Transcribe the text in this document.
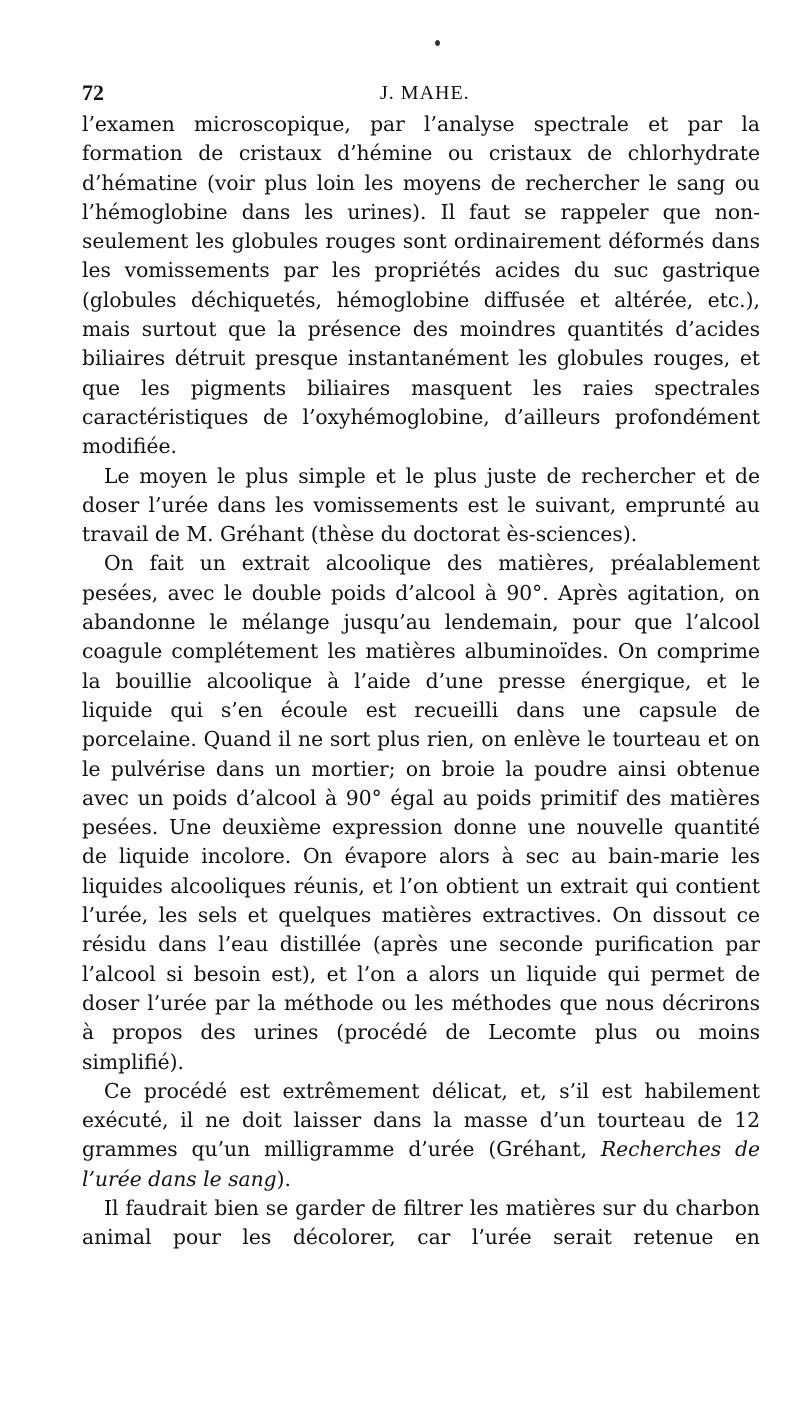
72	J. MAHE.

l’examen microscopique, par l’analyse spectrale et par la formation de cristaux d’hémine ou cristaux de chlorhydrate d’hématine (voir plus loin les moyens de rechercher le sang ou l’hémoglobine dans les urines). Il faut se rappeler que non-seulement les globules rouges sont ordinairement déformés dans les vomissements par les propriétés acides du suc gastrique (globules déchiquetés, hémoglobine diffusée et altérée, etc.), mais surtout que la présence des moindres quantités d’acides biliaires détruit presque instantanément les globules rouges, et que les pigments biliaires masquent les raies spectrales caractéristiques de l’oxyhémoglobine, d’ailleurs profondément modifiée.

Le moyen le plus simple et le plus juste de rechercher et de doser l’urée dans les vomissements est le suivant, emprunté au travail de M. Gréhant (thèse du doctorat ès-sciences).

On fait un extrait alcoolique des matières, préalablement pesées, avec le double poids d’alcool à 90°. Après agitation, on abandonne le mélange jusqu’au lendemain, pour que l’alcool coagule complétement les matières albuminoïdes. On comprime la bouillie alcoolique à l’aide d’une presse énergique, et le liquide qui s’en écoule est recueilli dans une capsule de porcelaine. Quand il ne sort plus rien, on enlève le tourteau et on le pulvérise dans un mortier; on broie la poudre ainsi obtenue avec un poids d’alcool à 90° égal au poids primitif des matières pesées. Une deuxième expression donne une nouvelle quantité de liquide incolore. On évapore alors à sec au bain-marie les liquides alcooliques réunis, et l’on obtient un extrait qui contient l’urée, les sels et quelques matières extractives. On dissout ce résidu dans l’eau distillée (après une seconde purification par l’alcool si besoin est), et l’on a alors un liquide qui permet de doser l’urée par la méthode ou les méthodes que nous décrirons à propos des urines (procédé de Lecomte plus ou moins simplifié).

Ce procédé est extrêmement délicat, et, s’il est habilement exécuté, il ne doit laisser dans la masse d’un tourteau de 12 grammes qu’un milligramme d’urée (Gréhant, Recherches de l’urée dans le sang).

Il faudrait bien se garder de filtrer les matières sur du charbon animal pour les décolorer, car l’urée serait retenue en
